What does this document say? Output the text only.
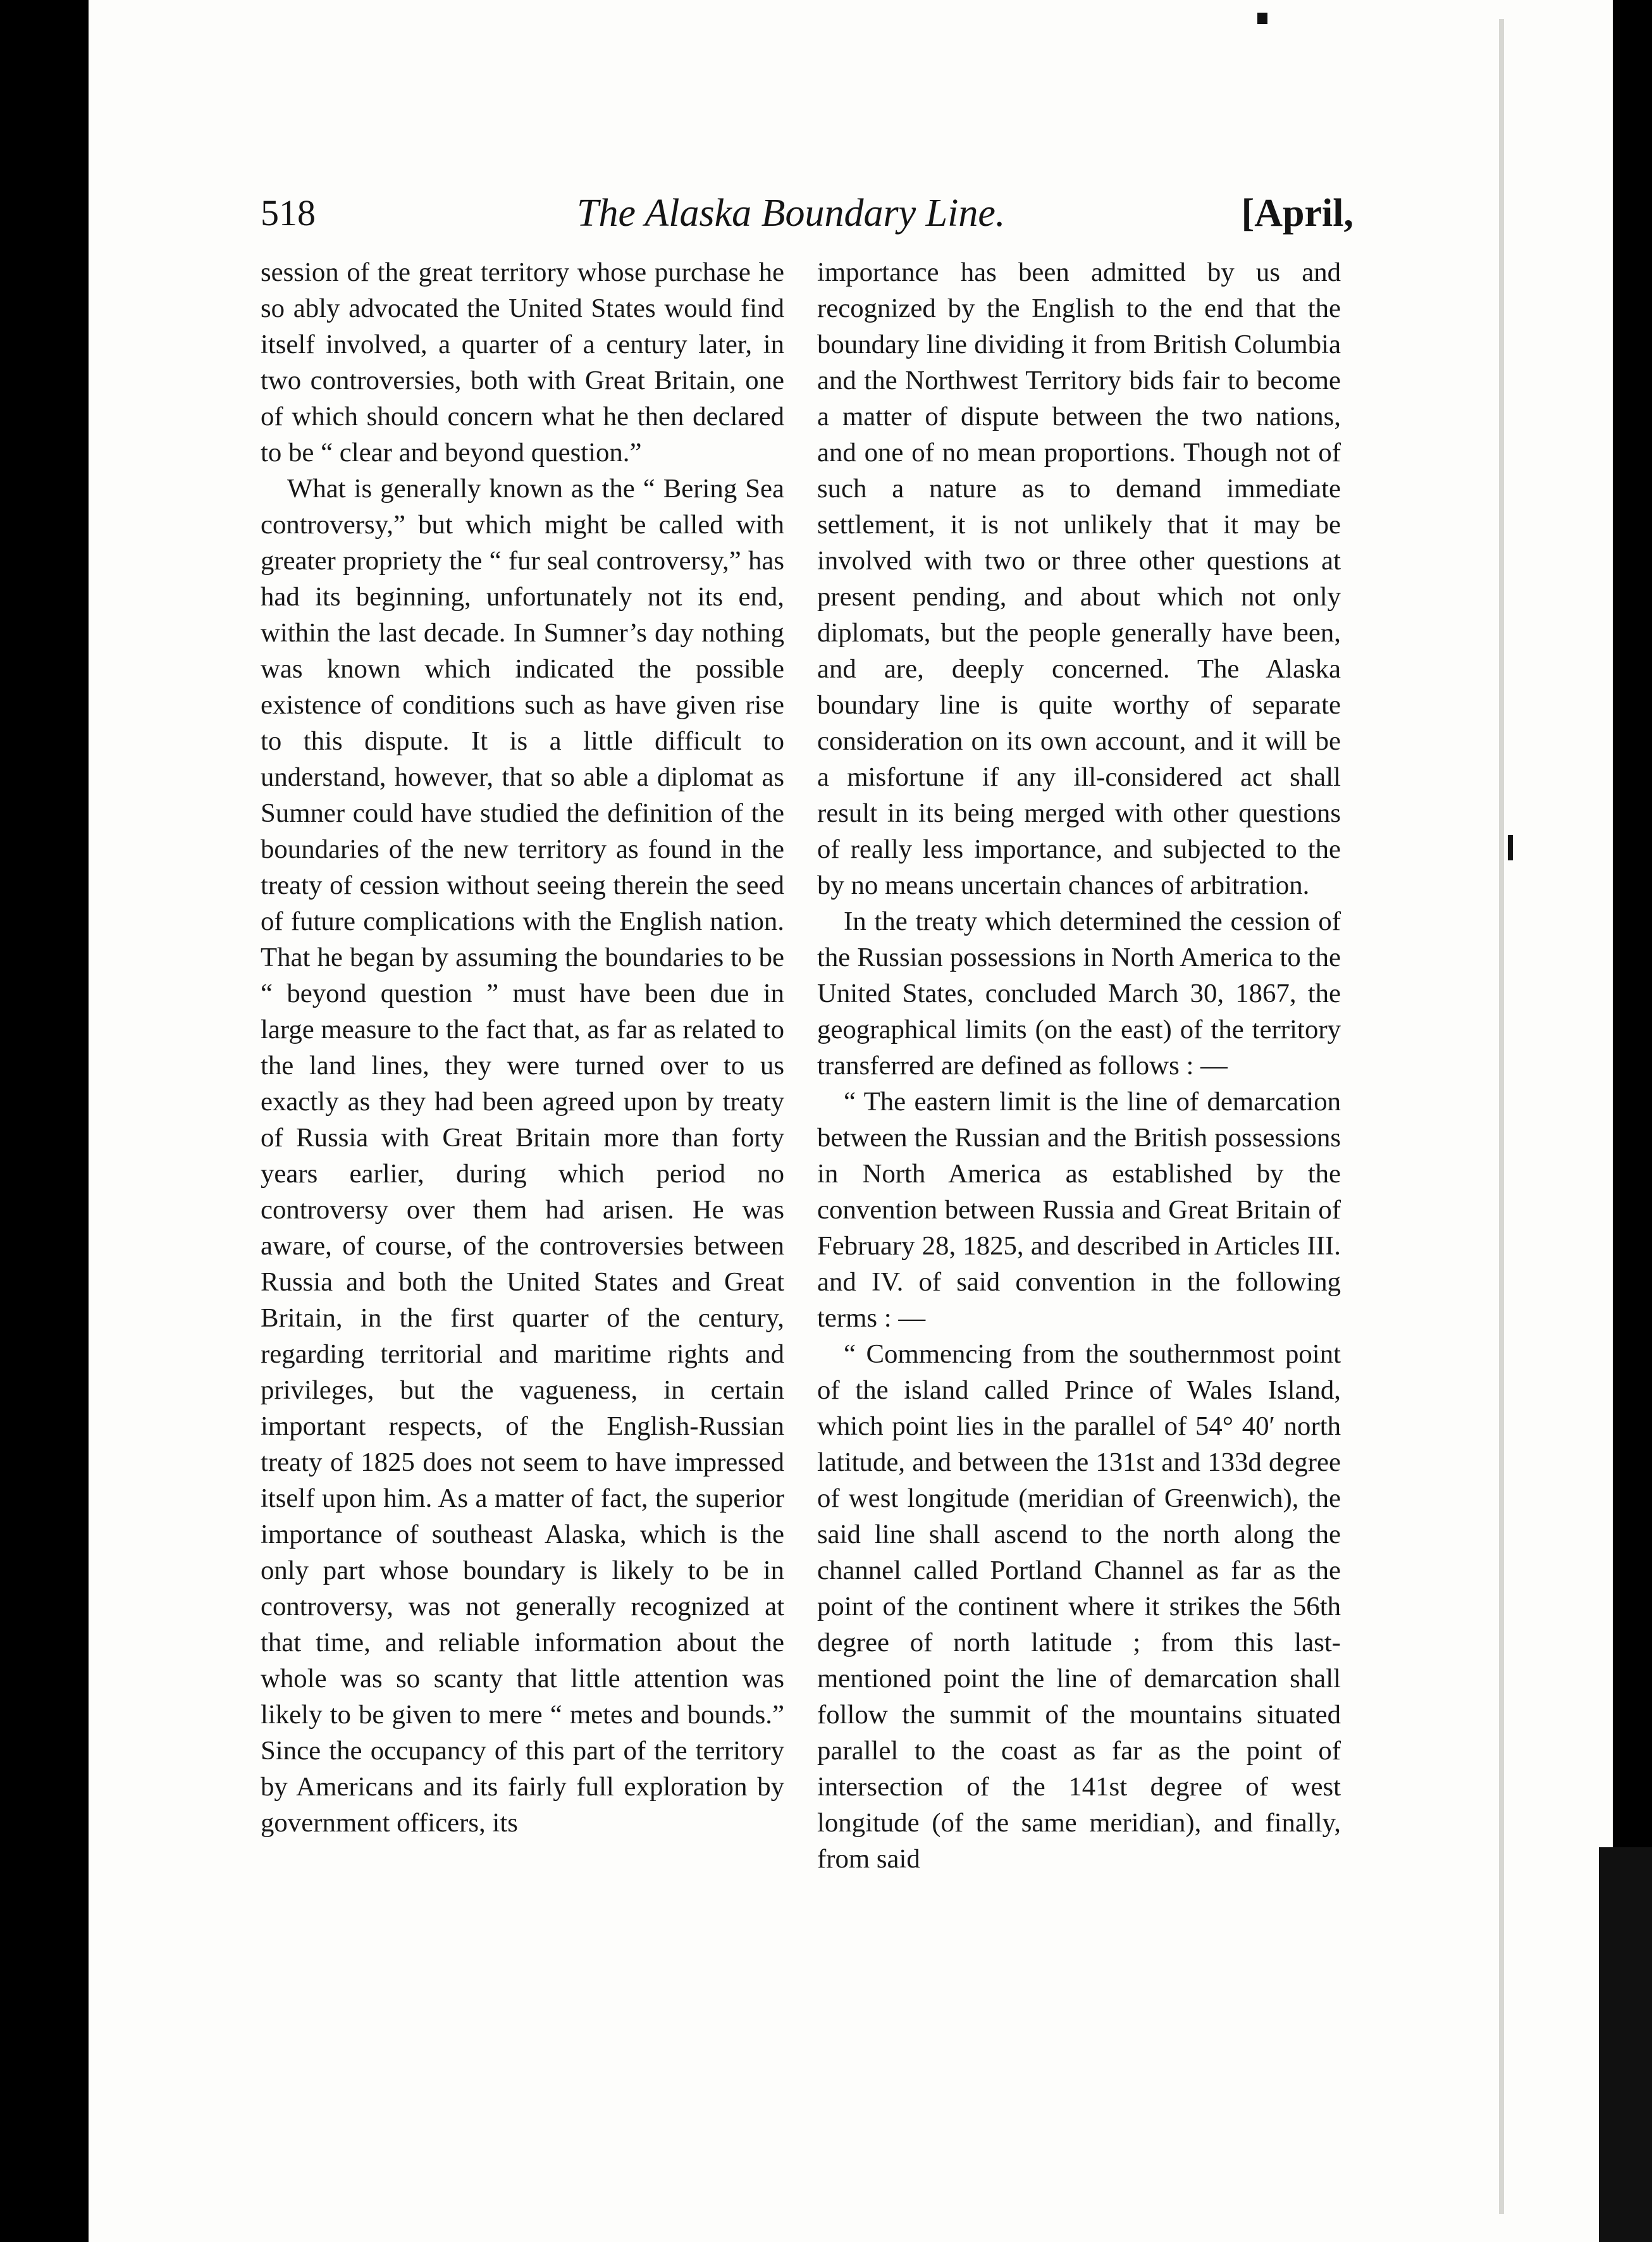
518	The Alaska Boundary Line.	[April,

session of the great territory whose purchase he so ably advocated the United States would find itself involved, a quarter of a century later, in two controversies, both with Great Britain, one of which should concern what he then declared to be “ clear and beyond question.”

What is generally known as the “ Bering Sea controversy,” but which might be called with greater propriety the “ fur seal controversy,” has had its beginning, unfortunately not its end, within the last decade. In Sumner’s day nothing was known which indicated the possible existence of conditions such as have given rise to this dispute. It is a little difficult to understand, however, that so able a diplomat as Sumner could have studied the definition of the boundaries of the new territory as found in the treaty of cession without seeing therein the seed of future complications with the English nation. That he began by assuming the boundaries to be “ beyond question ” must have been due in large measure to the fact that, as far as related to the land lines, they were turned over to us exactly as they had been agreed upon by treaty of Russia with Great Britain more than forty years earlier, during which period no controversy over them had arisen. He was aware, of course, of the controversies between Russia and both the United States and Great Britain, in the first quarter of the century, regarding territorial and maritime rights and privileges, but the vagueness, in certain important respects, of the English-Russian treaty of 1825 does not seem to have impressed itself upon him. As a matter of fact, the superior importance of southeast Alaska, which is the only part whose boundary is likely to be in controversy, was not generally recognized at that time, and reliable information about the whole was so scanty that little attention was likely to be given to mere “ metes and bounds.” Since the occupancy of this part of the territory by Americans and its fairly full exploration by government officers, its

importance has been admitted by us and recognized by the English to the end that the boundary line dividing it from British Columbia and the Northwest Territory bids fair to become a matter of dispute between the two nations, and one of no mean proportions. Though not of such a nature as to demand immediate settlement, it is not unlikely that it may be involved with two or three other questions at present pending, and about which not only diplomats, but the people generally have been, and are, deeply concerned. The Alaska boundary line is quite worthy of separate consideration on its own account, and it will be a misfortune if any ill-considered act shall result in its being merged with other questions of really less importance, and subjected to the by no means uncertain chances of arbitration.

In the treaty which determined the cession of the Russian possessions in North America to the United States, concluded March 30, 1867, the geographical limits (on the east) of the territory transferred are defined as follows : —

“ The eastern limit is the line of demarcation between the Russian and the British possessions in North America as established by the convention between Russia and Great Britain of February 28, 1825, and described in Articles III. and IV. of said convention in the following terms : —

“ Commencing from the southernmost point of the island called Prince of Wales Island, which point lies in the parallel of 54° 40′ north latitude, and between the 131st and 133d degree of west longitude (meridian of Greenwich), the said line shall ascend to the north along the channel called Portland Channel as far as the point of the continent where it strikes the 56th degree of north latitude ; from this last-mentioned point the line of demarcation shall follow the summit of the mountains situated parallel to the coast as far as the point of intersection of the 141st degree of west longitude (of the same meridian), and finally, from said
